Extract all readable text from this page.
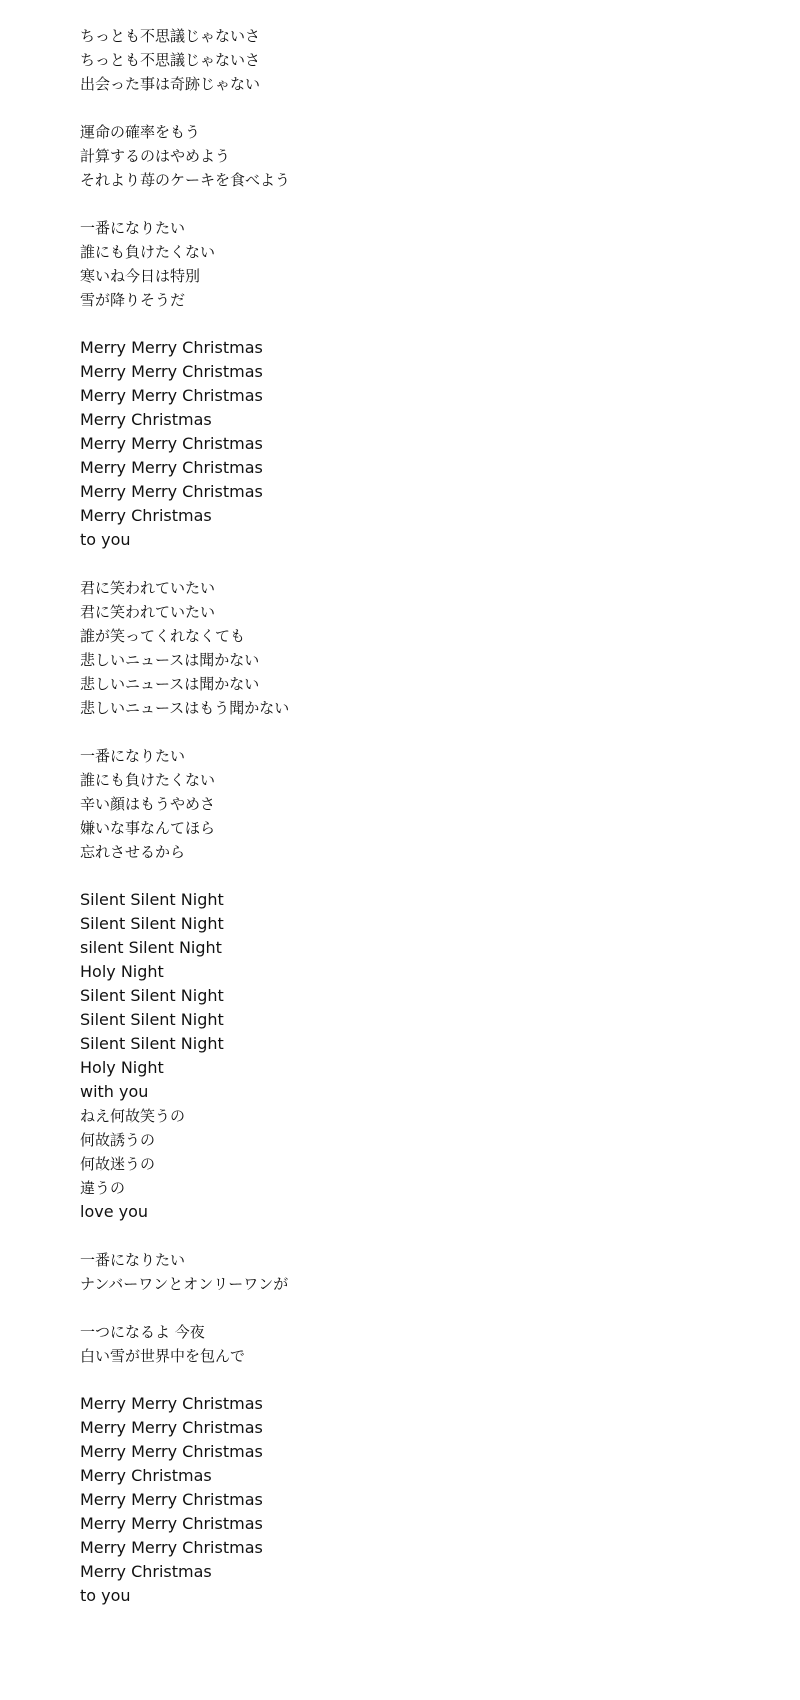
ちっとも不思議じゃないさ
ちっとも不思議じゃないさ
出会った事は奇跡じゃない
運命の確率をもう
計算するのはやめよう
それより苺のケーキを食べよう
一番になりたい
誰にも負けたくない
寒いね今日は特別
雪が降りそうだ
Merry Merry Christmas
Merry Merry Christmas
Merry Merry Christmas
Merry Christmas
Merry Merry Christmas
Merry Merry Christmas
Merry Merry Christmas
Merry Christmas
to you
君に笑われていたい
君に笑われていたい
誰が笑ってくれなくても
悲しいニュースは聞かない
悲しいニュースは聞かない
悲しいニュースはもう聞かない
一番になりたい
誰にも負けたくない
辛い顔はもうやめさ
嫌いな事なんてほら
忘れさせるから
Silent Silent Night
Silent Silent Night
silent Silent Night
Holy Night
Silent Silent Night
Silent Silent Night
Silent Silent Night
Holy Night
with you
ねえ何故笑うの
何故誘うの
何故迷うの
違うの
love you
一番になりたい
ナンバーワンとオンリーワンが
一つになるよ 今夜
白い雪が世界中を包んで
Merry Merry Christmas
Merry Merry Christmas
Merry Merry Christmas
Merry Christmas
Merry Merry Christmas
Merry Merry Christmas
Merry Merry Christmas
Merry Christmas
to you
